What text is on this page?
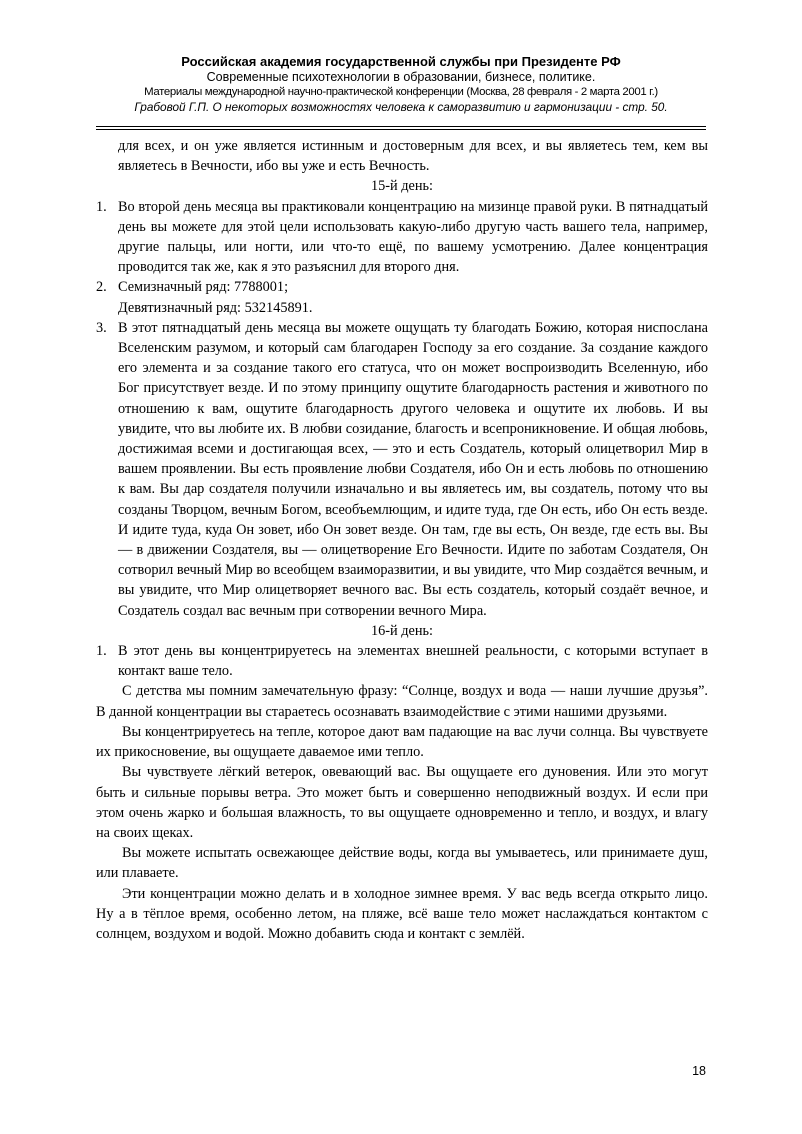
Российская академия государственной службы при Президенте РФ
Современные психотехнологии в образовании, бизнесе, политике.
Материалы международной научно-практической конференции (Москва, 28 февраля - 2 марта 2001 г.)
Грабовой Г.П. О некоторых возможностях человека к саморазвитию и гармонизации - стр. 50.

для всех, и он уже является истинным и достоверным для всех, и вы являетесь тем, кем вы являетесь в Вечности, ибо вы уже и есть Вечность.

15-й день:

1. Во второй день месяца вы практиковали концентрацию на мизинце правой руки. В пятнадцатый день вы можете для этой цели использовать какую-либо другую часть вашего тела, например, другие пальцы, или ногти, или что-то ещё, по вашему усмотрению. Далее концентрация проводится так же, как я это разъяснил для второго дня.
2. Семизначный ряд: 7788001;
Девятизначный ряд: 532145891.
3. В этот пятнадцатый день месяца вы можете ощущать ту благодать Божию, которая ниспослана Вселенским разумом, и который сам благодарен Господу за его создание. За создание каждого его элемента и за создание такого его статуса, что он может воспроизводить Вселенную, ибо Бог присутствует везде. И по этому принципу ощутите благодарность растения и животного по отношению к вам, ощутите благодарность другого человека и ощутите их любовь. И вы увидите, что вы любите их. В любви созидание, благость и всепроникновение. И общая любовь, достижимая всеми и достигающая всех, — это и есть Создатель, который олицетворил Мир в вашем проявлении. Вы есть проявление любви Создателя, ибо Он и есть любовь по отношению к вам. Вы дар создателя получили изначально и вы являетесь им, вы создатель, потому что вы созданы Творцом, вечным Богом, всеобъемлющим, и идите туда, где Он есть, ибо Он есть везде. И идите туда, куда Он зовет, ибо Он зовет везде. Он там, где вы есть, Он везде, где есть вы. Вы — в движении Создателя, вы — олицетворение Его Вечности. Идите по заботам Создателя, Он сотворил вечный Мир во всеобщем взаиморазвитии, и вы увидите, что Мир создаётся вечным, и вы увидите, что Мир олицетворяет вечного вас. Вы есть создатель, который создаёт вечное, и Создатель создал вас вечным при сотворении вечного Мира.

16-й день:

1. В этот день вы концентрируетесь на элементах внешней реальности, с которыми вступает в контакт ваше тело.

С детства мы помним замечательную фразу: “Солнце, воздух и вода — наши лучшие друзья”. В данной концентрации вы стараетесь осознавать взаимодействие с этими нашими друзьями.

Вы концентрируетесь на тепле, которое дают вам падающие на вас лучи солнца. Вы чувствуете их прикосновение, вы ощущаете даваемое ими тепло.

Вы чувствуете лёгкий ветерок, овевающий вас. Вы ощущаете его дуновения. Или это могут быть и сильные порывы ветра. Это может быть и совершенно неподвижный воздух. И если при этом очень жарко и большая влажность, то вы ощущаете одновременно и тепло, и воздух, и влагу на своих щеках.

Вы можете испытать освежающее действие воды, когда вы умываетесь, или принимаете душ, или плаваете.

Эти концентрации можно делать и в холодное зимнее время. У вас ведь всегда открыто лицо. Ну а в тёплое время, особенно летом, на пляже, всё ваше тело может наслаждаться контактом с солнцем, воздухом и водой. Можно добавить сюда и контакт с землёй.

18
